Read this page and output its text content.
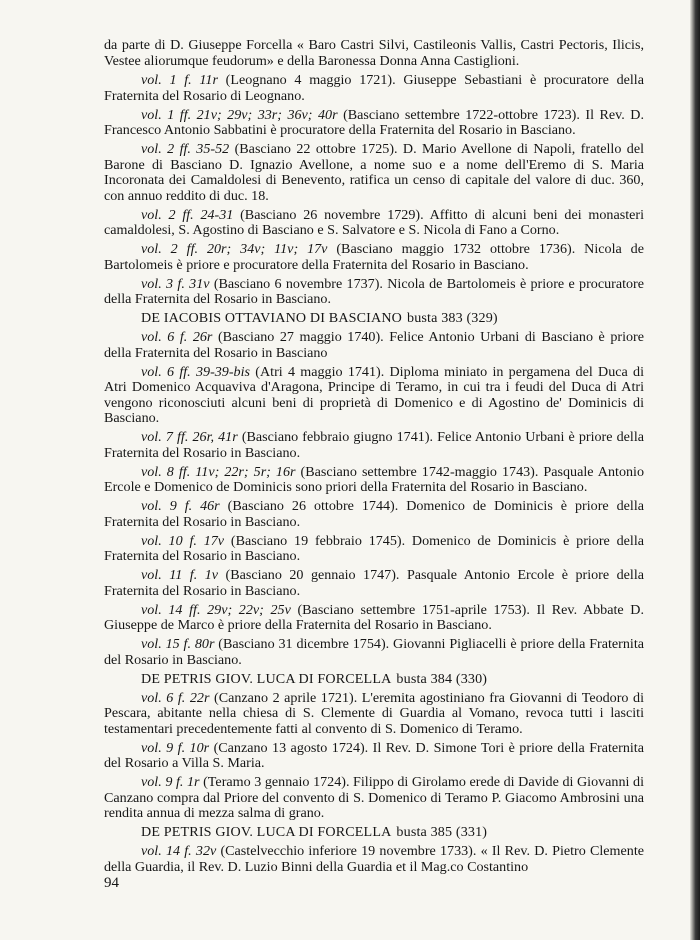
da parte di D. Giuseppe Forcella « Baro Castri Silvi, Castileonis Vallis, Castri Pectoris, Ilicis, Vestee aliorumque feudorum» e della Baronessa Donna Anna Castiglioni.

vol. 1 f. 11r (Leognano 4 maggio 1721). Giuseppe Sebastiani è procuratore della Fraternita del Rosario di Leognano.

vol. 1 ff. 21v; 29v; 33r; 36v; 40r (Basciano settembre 1722-ottobre 1723). Il Rev. D. Francesco Antonio Sabbatini è procuratore della Fraternita del Rosario in Basciano.

vol. 2 ff. 35-52 (Basciano 22 ottobre 1725). D. Mario Avellone di Napoli, fratello del Barone di Basciano D. Ignazio Avellone, a nome suo e a nome dell'Eremo di S. Maria Incoronata dei Camaldolesi di Benevento, ratifica un censo di capitale del valore di duc. 360, con annuo reddito di duc. 18.

vol. 2 ff. 24-31 (Basciano 26 novembre 1729). Affitto di alcuni beni dei monasteri camaldolesi, S. Agostino di Basciano e S. Salvatore e S. Nicola di Fano a Corno.

vol. 2 ff. 20r; 34v; 11v; 17v (Basciano maggio 1732 ottobre 1736). Nicola de Bartolomeis è priore e procuratore della Fraternita del Rosario in Basciano.

vol. 3 f. 31v (Basciano 6 novembre 1737). Nicola de Bartolomeis è priore e procuratore della Fraternita del Rosario in Basciano.

DE IACOBIS OTTAVIANO DI BASCIANO busta 383 (329)

vol. 6 f. 26r (Basciano 27 maggio 1740). Felice Antonio Urbani di Basciano è priore della Fraternita del Rosario in Basciano

vol. 6 ff. 39-39-bis (Atri 4 maggio 1741). Diploma miniato in pergamena del Duca di Atri Domenico Acquaviva d'Aragona, Principe di Teramo, in cui tra i feudi del Duca di Atri vengono riconosciuti alcuni beni di proprietà di Domenico e di Agostino de' Dominicis di Basciano.

vol. 7 ff. 26r, 41r (Basciano febbraio giugno 1741). Felice Antonio Urbani è priore della Fraternita del Rosario in Basciano.

vol. 8 ff. 11v; 22r; 5r; 16r (Basciano settembre 1742-maggio 1743). Pasquale Antonio Ercole e Domenico de Dominicis sono priori della Fraternita del Rosario in Basciano.

vol. 9 f. 46r (Basciano 26 ottobre 1744). Domenico de Dominicis è priore della Fraternita del Rosario in Basciano.

vol. 10 f. 17v (Basciano 19 febbraio 1745). Domenico de Dominicis è priore della Fraternita del Rosario in Basciano.

vol. 11 f. 1v (Basciano 20 gennaio 1747). Pasquale Antonio Ercole è priore della Fraternita del Rosario in Basciano.

vol. 14 ff. 29v; 22v; 25v (Basciano settembre 1751-aprile 1753). Il Rev. Abbate D. Giuseppe de Marco è priore della Fraternita del Rosario in Basciano.

vol. 15 f. 80r (Basciano 31 dicembre 1754). Giovanni Pigliacelli è priore della Fraternita del Rosario in Basciano.

DE PETRIS GIOV. LUCA DI FORCELLA busta 384 (330)

vol. 6 f. 22r (Canzano 2 aprile 1721). L'eremita agostiniano fra Giovanni di Teodoro di Pescara, abitante nella chiesa di S. Clemente di Guardia al Vomano, revoca tutti i lasciti testamentari precedentemente fatti al convento di S. Domenico di Teramo.

vol. 9 f. 10r (Canzano 13 agosto 1724). Il Rev. D. Simone Tori è priore della Fraternita del Rosario a Villa S. Maria.

vol. 9 f. 1r (Teramo 3 gennaio 1724). Filippo di Girolamo erede di Davide di Giovanni di Canzano compra dal Priore del convento di S. Domenico di Teramo P. Giacomo Ambrosini una rendita annua di mezza salma di grano.

DE PETRIS GIOV. LUCA DI FORCELLA busta 385 (331)

vol. 14 f. 32v (Castelvecchio inferiore 19 novembre 1733). « Il Rev. D. Pietro Clemente della Guardia, il Rev. D. Luzio Binni della Guardia et il Mag.co Costantino

94
